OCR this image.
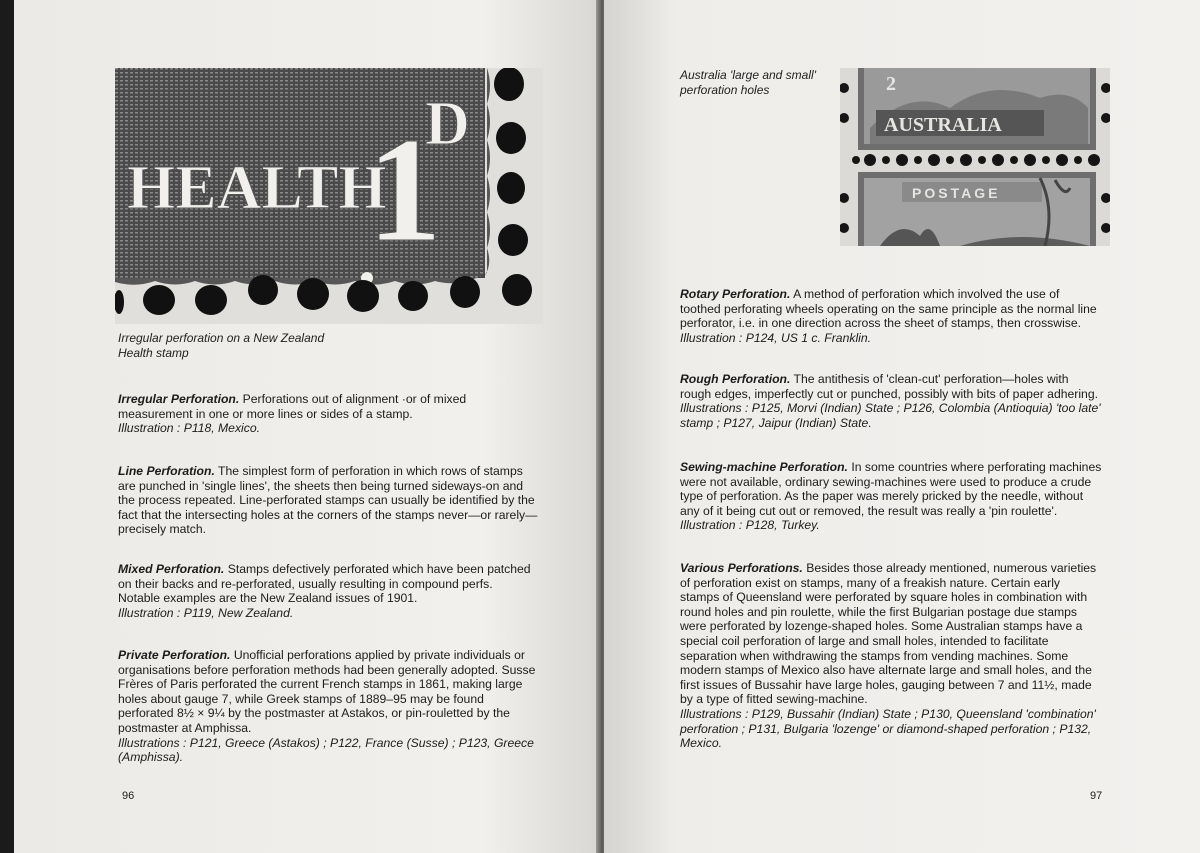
HEALTH
1
D
Irregular perforation on a New Zealand
Health stamp
Irregular Perforation. Perforations out of alignment ·or of mixed measurement in one or more lines or sides of a stamp.
Illustration : P118, Mexico.
Line Perforation. The simplest form of perforation in which rows of stamps are punched in 'single lines', the sheets then being turned sideways-on and the process repeated. Line-perforated stamps can usually be identified by the fact that the intersecting holes at the corners of the stamps never—or rarely—precisely match.
Mixed Perforation. Stamps defectively perforated which have been patched on their backs and re-perforated, usually resulting in compound perfs. Notable examples are the New Zealand issues of 1901.
Illustration : P119, New Zealand.
Private Perforation. Unofficial perforations applied by private individuals or organisations before perforation methods had been generally adopted. Susse Frères of Paris perforated the current French stamps in 1861, making large holes about gauge 7, while Greek stamps of 1889–95 may be found perforated 8½ × 9¼ by the postmaster at Astakos, or pin-rouletted by the postmaster at Amphissa.
Illustrations : P121, Greece (Astakos) ; P122, France (Susse) ; P123, Greece (Amphissa).
96
Australia 'large and small'
perforation holes
AUSTRALIA
2
POSTAGE
Rotary Perforation. A method of perforation which involved the use of toothed perforating wheels operating on the same principle as the normal line perforator, i.e. in one direction across the sheet of stamps, then crosswise.
Illustration : P124, US 1 c. Franklin.
Rough Perforation. The antithesis of 'clean-cut' perforation—holes with rough edges, imperfectly cut or punched, possibly with bits of paper adhering.
Illustrations : P125, Morvi (Indian) State ; P126, Colombia (Antioquia) 'too late' stamp ; P127, Jaipur (Indian) State.
Sewing-machine Perforation. In some countries where perforating machines were not available, ordinary sewing-machines were used to produce a crude type of perforation. As the paper was merely pricked by the needle, without any of it being cut out or removed, the result was really a 'pin roulette'.
Illustration : P128, Turkey.
Various Perforations. Besides those already mentioned, numerous varieties of perforation exist on stamps, many of a freakish nature. Certain early stamps of Queensland were perforated by square holes in combination with round holes and pin roulette, while the first Bulgarian postage due stamps were perforated by lozenge-shaped holes. Some Australian stamps have a special coil perforation of large and small holes, intended to facilitate separation when withdrawing the stamps from vending machines. Some modern stamps of Mexico also have alternate large and small holes, and the first issues of Bussahir have large holes, gauging between 7 and 11½, made by a type of fitted sewing-machine.
Illustrations : P129, Bussahir (Indian) State ; P130, Queensland 'combination' perforation ; P131, Bulgaria 'lozenge' or diamond-shaped perforation ; P132, Mexico.
97
